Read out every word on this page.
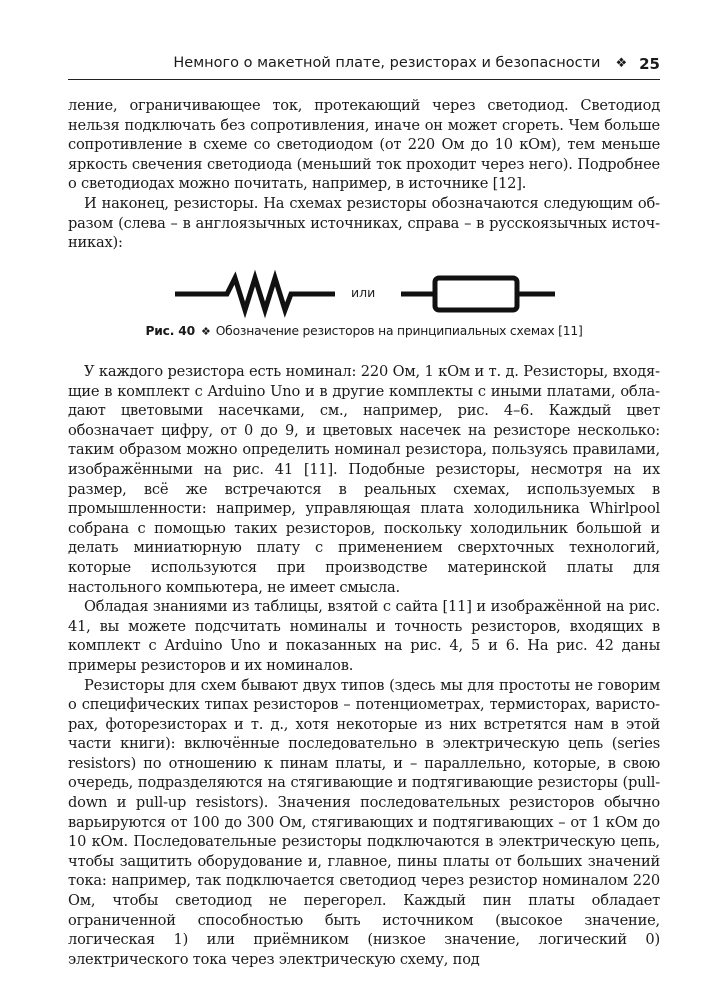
Немного о макетной плате, резисторах и безопасности ❖ 25

ление, ограничивающее ток, протекающий через светодиод. Светодиод нельзя подключать без сопротивления, иначе он может сгореть. Чем больше сопротивление в схеме со светодиодом (от 220 Ом до 10 кОм), тем меньше яркость свечения светодиода (меньший ток проходит через него). Подробнее о светодиодах можно почитать, например, в источнике [12].

И наконец, резисторы. На схемах резисторы обозначаются следующим образом (слева – в англоязычных источниках, справа – в русскоязычных источниках):

или
Рис. 40 ❖ Обозначение резисторов на принципиальных схемах [11]

У каждого резистора есть номинал: 220 Ом, 1 кОм и т. д. Резисторы, входящие в комплект с Arduino Uno и в другие комплекты с иными платами, обладают цветовыми насечками, см., например, рис. 4–6. Каждый цвет обозначает цифру, от 0 до 9, и цветовых насечек на резисторе несколько: таким образом можно определить номинал резистора, пользуясь правилами, изображёнными на рис. 41 [11]. Подобные резисторы, несмотря на их размер, всё же встречаются в реальных схемах, используемых в промышленности: например, управляющая плата холодильника Whirlpool собрана с помощью таких резисторов, поскольку холодильник большой и делать миниатюрную плату с применением сверхточных технологий, которые используются при производстве материнской платы для настольного компьютера, не имеет смысла.

Обладая знаниями из таблицы, взятой с сайта [11] и изображённой на рис. 41, вы можете подсчитать номиналы и точность резисторов, входящих в комплект с Arduino Uno и показанных на рис. 4, 5 и 6. На рис. 42 даны примеры резисторов и их номиналов.

Резисторы для схем бывают двух типов (здесь мы для простоты не говорим о специфических типах резисторов – потенциометрах, термисторах, варисторах, фоторезисторах и т. д., хотя некоторые из них встретятся нам в этой части книги): включённые последовательно в электрическую цепь (series resistors) по отношению к пинам платы, и – параллельно, которые, в свою очередь, подразделяются на стягивающие и подтягивающие резисторы (pull-down и pull-up resistors). Значения последовательных резисторов обычно варьируются от 100 до 300 Ом, стягивающих и подтягивающих – от 1 кОм до 10 кОм. Последовательные резисторы подключаются в электрическую цепь, чтобы защитить оборудование и, главное, пины платы от больших значений тока: например, так подключается светодиод через резистор номиналом 220 Ом, чтобы светодиод не перегорел. Каждый пин платы обладает ограниченной способностью быть источником (высокое значение, логическая 1) или приёмником (низкое значение, логический 0) электрического тока через электрическую схему, под
